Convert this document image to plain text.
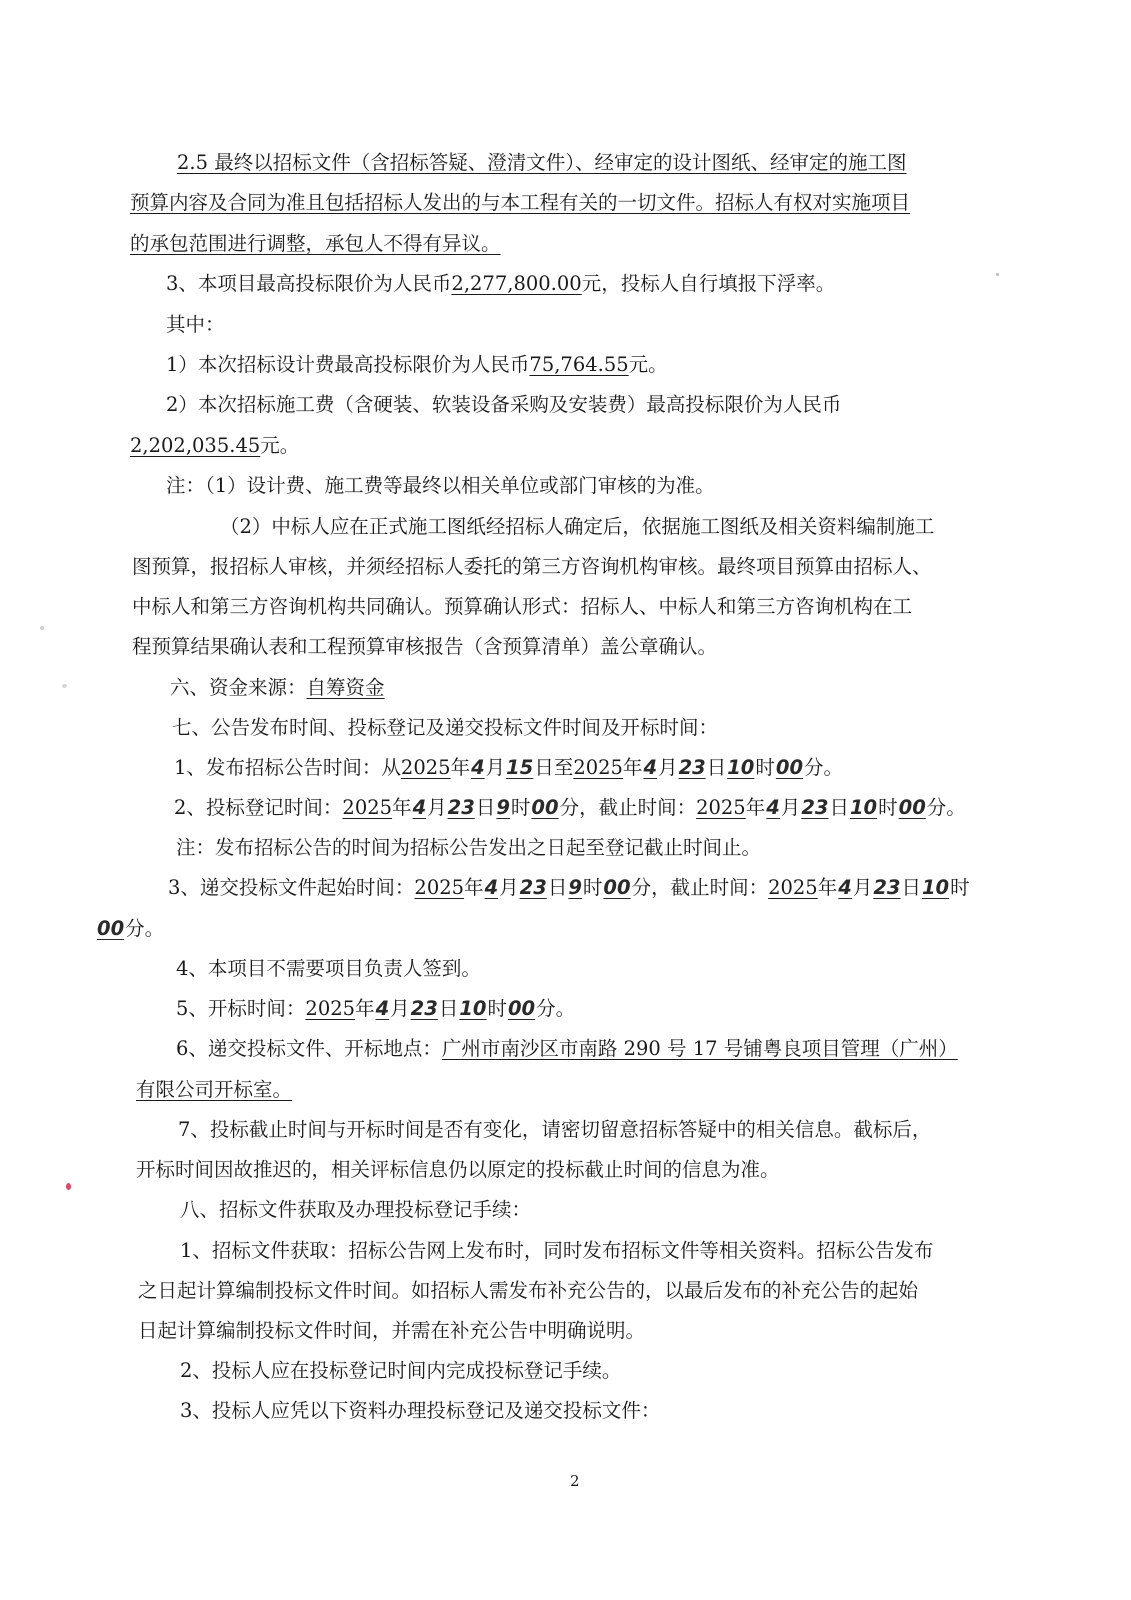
2.5 最终以招标文件（含招标答疑、澄清文件）、经审定的设计图纸、经审定的施工图
预算内容及合同为准且包括招标人发出的与本工程有关的一切文件。招标人有权对实施项目
的承包范围进行调整，承包人不得有异议。
3、本项目最高投标限价为人民币2,277,800.00元，投标人自行填报下浮率。
其中：
1）本次招标设计费最高投标限价为人民币75,764.55元。
2）本次招标施工费（含硬装、软装设备采购及安装费）最高投标限价为人民币
2,202,035.45元。
注：（1）设计费、施工费等最终以相关单位或部门审核的为准。
（2）中标人应在正式施工图纸经招标人确定后，依据施工图纸及相关资料编制施工
图预算，报招标人审核，并须经招标人委托的第三方咨询机构审核。最终项目预算由招标人、
中标人和第三方咨询机构共同确认。预算确认形式：招标人、中标人和第三方咨询机构在工
程预算结果确认表和工程预算审核报告（含预算清单）盖公章确认。
六、资金来源：自筹资金
七、公告发布时间、投标登记及递交投标文件时间及开标时间：
1、发布招标公告时间：从2025年4月15日至2025年4月23日10时00分。
2、投标登记时间：2025年4月23日9时00分，截止时间：2025年4月23日10时00分。
注：发布招标公告的时间为招标公告发出之日起至登记截止时间止。
3、递交投标文件起始时间：2025年4月23日9时00分，截止时间：2025年4月23日10时
00分。
4、本项目不需要项目负责人签到。
5、开标时间：2025年4月23日10时00分。
6、递交投标文件、开标地点：广州市南沙区市南路 290 号 17 号铺粤良项目管理（广州）
有限公司开标室。
7、投标截止时间与开标时间是否有变化，请密切留意招标答疑中的相关信息。截标后，
开标时间因故推迟的，相关评标信息仍以原定的投标截止时间的信息为准。
八、招标文件获取及办理投标登记手续：
1、招标文件获取：招标公告网上发布时，同时发布招标文件等相关资料。招标公告发布
之日起计算编制投标文件时间。如招标人需发布补充公告的，以最后发布的补充公告的起始
日起计算编制投标文件时间，并需在补充公告中明确说明。
2、投标人应在投标登记时间内完成投标登记手续。
3、投标人应凭以下资料办理投标登记及递交投标文件：
2
